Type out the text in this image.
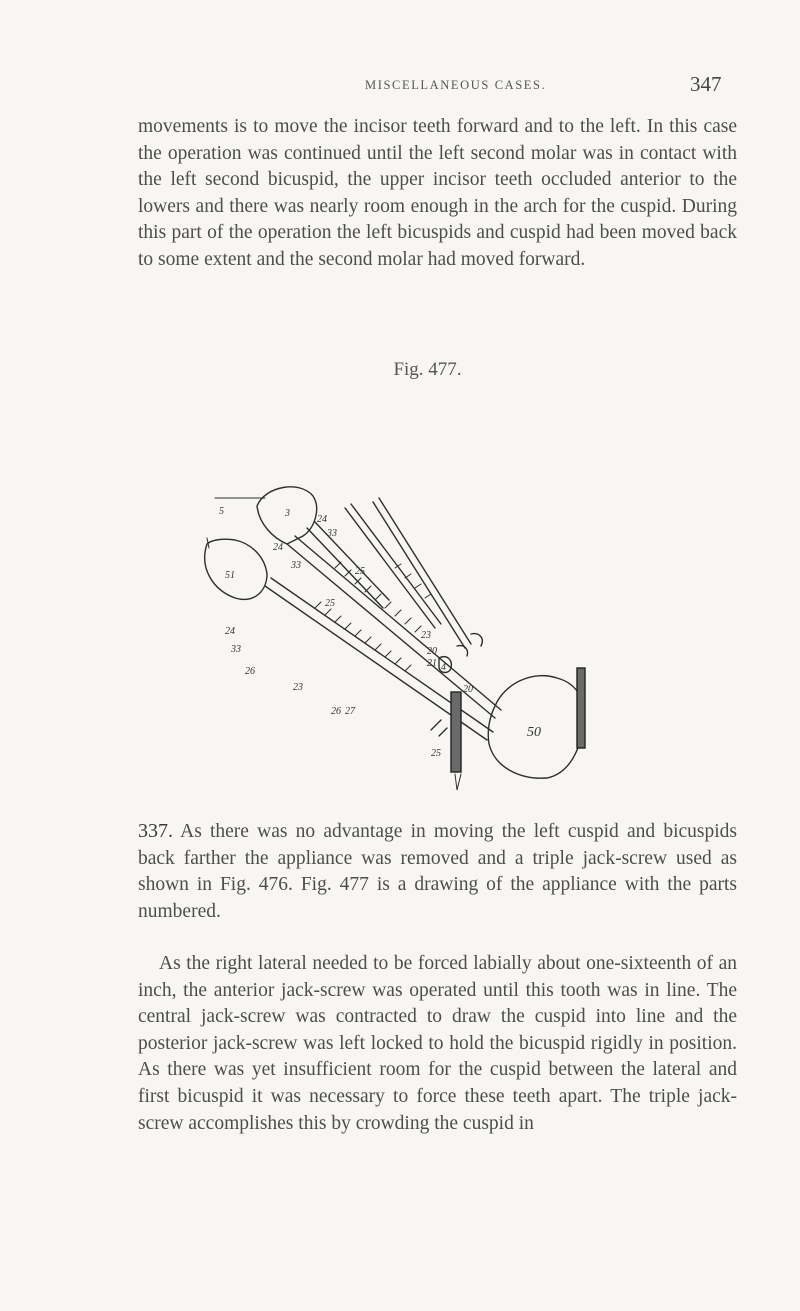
MISCELLANEOUS CASES.	347

movements is to move the incisor teeth forward and to the left. In this case the operation was continued until the left second molar was in contact with the left second bicuspid, the upper incisor teeth occluded anterior to the lowers and there was nearly room enough in the arch for the cuspid. During this part of the operation the left bicuspids and cuspid had been moved back to some extent and the second molar had moved forward.

Fig. 477.
3
5
24
33
24
33
25
51
25
24
33
23
20
21 4
26
20
23
26 27
25
50

337. As there was no advantage in moving the left cuspid and bicuspids back farther the appliance was removed and a triple jack-screw used as shown in Fig. 476. Fig. 477 is a drawing of the appliance with the parts numbered.

As the right lateral needed to be forced labially about one-sixteenth of an inch, the anterior jack-screw was operated until this tooth was in line. The central jack-screw was contracted to draw the cuspid into line and the posterior jack-screw was left locked to hold the bicuspid rigidly in position. As there was yet insufficient room for the cuspid between the lateral and first bicuspid it was necessary to force these teeth apart. The triple jack-screw accomplishes this by crowding the cuspid in
